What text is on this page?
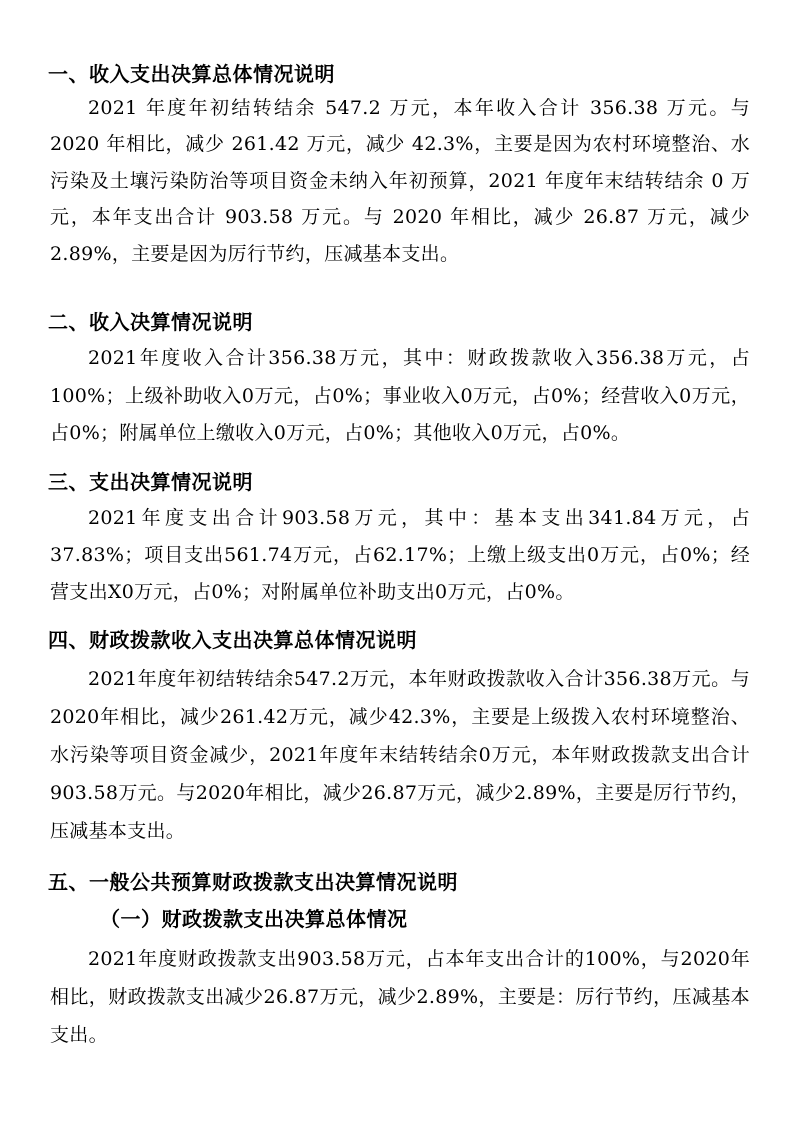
一、收入支出决算总体情况说明

2021 年度年初结转结余 547.2 万元，本年收入合计 356.38 万元。与 2020 年相比，减少 261.42 万元，减少 42.3%，主要是因为农村环境整治、水污染及土壤污染防治等项目资金未纳入年初预算，2021 年度年末结转结余 0 万元，本年支出合计 903.58 万元。与 2020 年相比，减少 26.87 万元，减少 2.89%，主要是因为厉行节约，压减基本支出。

二、收入决算情况说明

2021年度收入合计356.38万元，其中：财政拨款收入356.38万元，占100%；上级补助收入0万元，占0%；事业收入0万元，占0%；经营收入0万元，占0%；附属单位上缴收入0万元，占0%；其他收入0万元，占0%。

三、支出决算情况说明

2021年度支出合计903.58万元，其中：基本支出341.84万元，占37.83%；项目支出561.74万元，占62.17%；上缴上级支出0万元，占0%；经营支出X0万元，占0%；对附属单位补助支出0万元，占0%。

四、财政拨款收入支出决算总体情况说明

2021年度年初结转结余547.2万元，本年财政拨款收入合计356.38万元。与2020年相比，减少261.42万元，减少42.3%，主要是上级拨入农村环境整治、水污染等项目资金减少，2021年度年末结转结余0万元，本年财政拨款支出合计903.58万元。与2020年相比，减少26.87万元，减少2.89%，主要是厉行节约，压减基本支出。

五、一般公共预算财政拨款支出决算情况说明
（一）财政拨款支出决算总体情况

2021年度财政拨款支出903.58万元，占本年支出合计的100%，与2020年相比，财政拨款支出减少26.87万元，减少2.89%，主要是：厉行节约，压减基本支出。
